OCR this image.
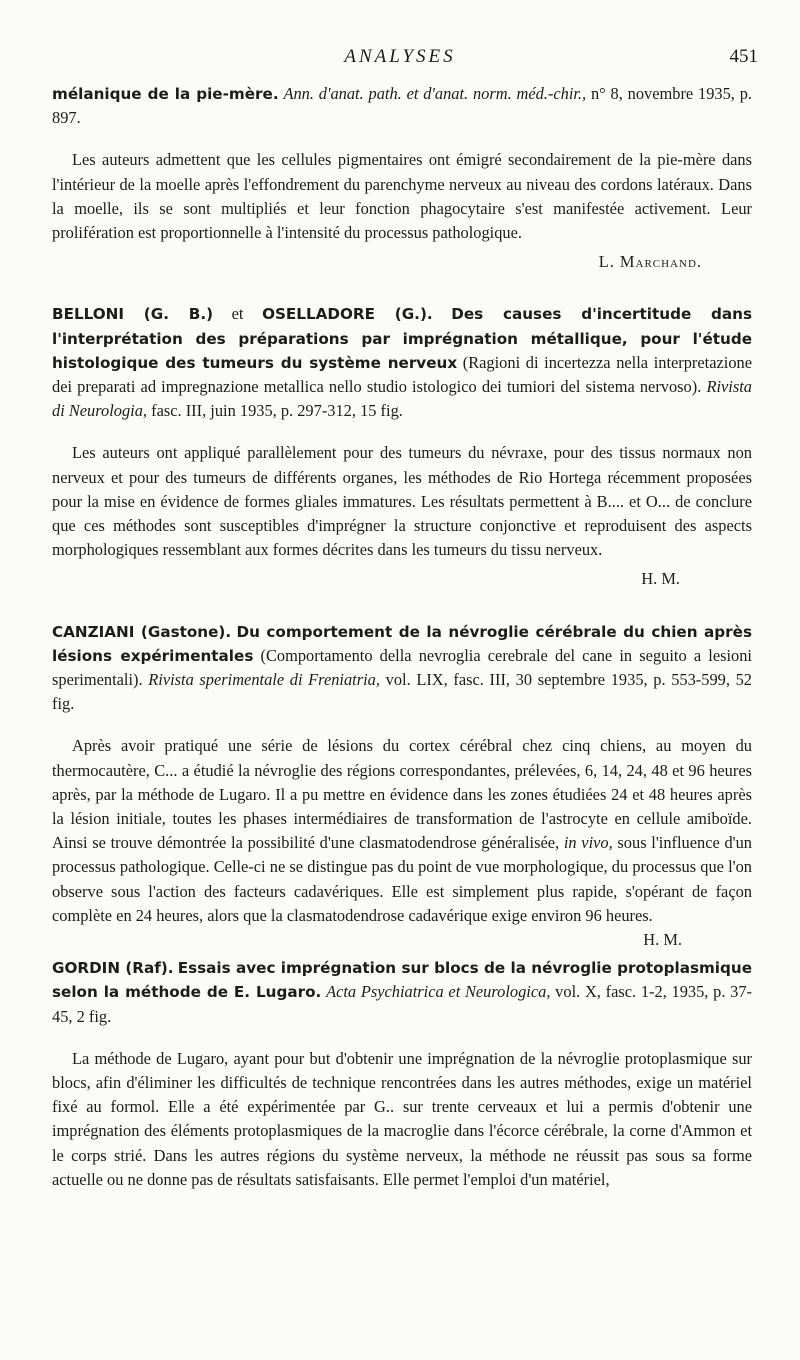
ANALYSES	451

mélanique de la pie-mère. Ann. d'anat. path. et d'anat. norm. méd.-chir., n° 8, novembre 1935, p. 897.

Les auteurs admettent que les cellules pigmentaires ont émigré secondairement de la pie-mère dans l'intérieur de la moelle après l'effondrement du parenchyme nerveux au niveau des cordons latéraux. Dans la moelle, ils se sont multipliés et leur fonction phagocytaire s'est manifestée activement. Leur prolifération est proportionnelle à l'intensité du processus pathologique.

L. Marchand.

BELLONI (G. B.) et OSELLADORE (G.). Des causes d'incertitude dans l'interprétation des préparations par imprégnation métallique, pour l'étude histologique des tumeurs du système nerveux (Ragioni di incertezza nella interpretazione dei preparati ad impregnazione metallica nello studio istologico dei tumiori del sistema nervoso). Rivista di Neurologia, fasc. III, juin 1935, p. 297-312, 15 fig.

Les auteurs ont appliqué parallèlement pour des tumeurs du névraxe, pour des tissus normaux non nerveux et pour des tumeurs de différents organes, les méthodes de Rio Hortega récemment proposées pour la mise en évidence de formes gliales immatures. Les résultats permettent à B.... et O... de conclure que ces méthodes sont susceptibles d'imprégner la structure conjonctive et reproduisent des aspects morphologiques ressemblant aux formes décrites dans les tumeurs du tissu nerveux.

H. M.

CANZIANI (Gastone). Du comportement de la névroglie cérébrale du chien après lésions expérimentales (Comportamento della nevroglia cerebrale del cane in seguito a lesioni sperimentali). Rivista sperimentale di Freniatria, vol. LIX, fasc. III, 30 septembre 1935, p. 553-599, 52 fig.

Après avoir pratiqué une série de lésions du cortex cérébral chez cinq chiens, au moyen du thermocautère, C... a étudié la névroglie des régions correspondantes, prélevées, 6, 14, 24, 48 et 96 heures après, par la méthode de Lugaro. Il a pu mettre en évidence dans les zones étudiées 24 et 48 heures après la lésion initiale, toutes les phases intermédiaires de transformation de l'astrocyte en cellule amiboïde. Ainsi se trouve démontrée la possibilité d'une clasmatodendrose généralisée, in vivo, sous l'influence d'un processus pathologique. Celle-ci ne se distingue pas du point de vue morphologique, du processus que l'on observe sous l'action des facteurs cadavériques. Elle est simplement plus rapide, s'opérant de façon complète en 24 heures, alors que la clasmatodendrose cadavérique exige environ 96 heures.
H. M.

GORDIN (Raf). Essais avec imprégnation sur blocs de la névroglie protoplasmique selon la méthode de E. Lugaro. Acta Psychiatrica et Neurologica, vol. X, fasc. 1-2, 1935, p. 37-45, 2 fig.

La méthode de Lugaro, ayant pour but d'obtenir une imprégnation de la névroglie protoplasmique sur blocs, afin d'éliminer les difficultés de technique rencontrées dans les autres méthodes, exige un matériel fixé au formol. Elle a été expérimentée par G.. sur trente cerveaux et lui a permis d'obtenir une imprégnation des éléments protoplasmiques de la macroglie dans l'écorce cérébrale, la corne d'Ammon et le corps strié. Dans les autres régions du système nerveux, la méthode ne réussit pas sous sa forme actuelle ou ne donne pas de résultats satisfaisants. Elle permet l'emploi d'un matériel,
